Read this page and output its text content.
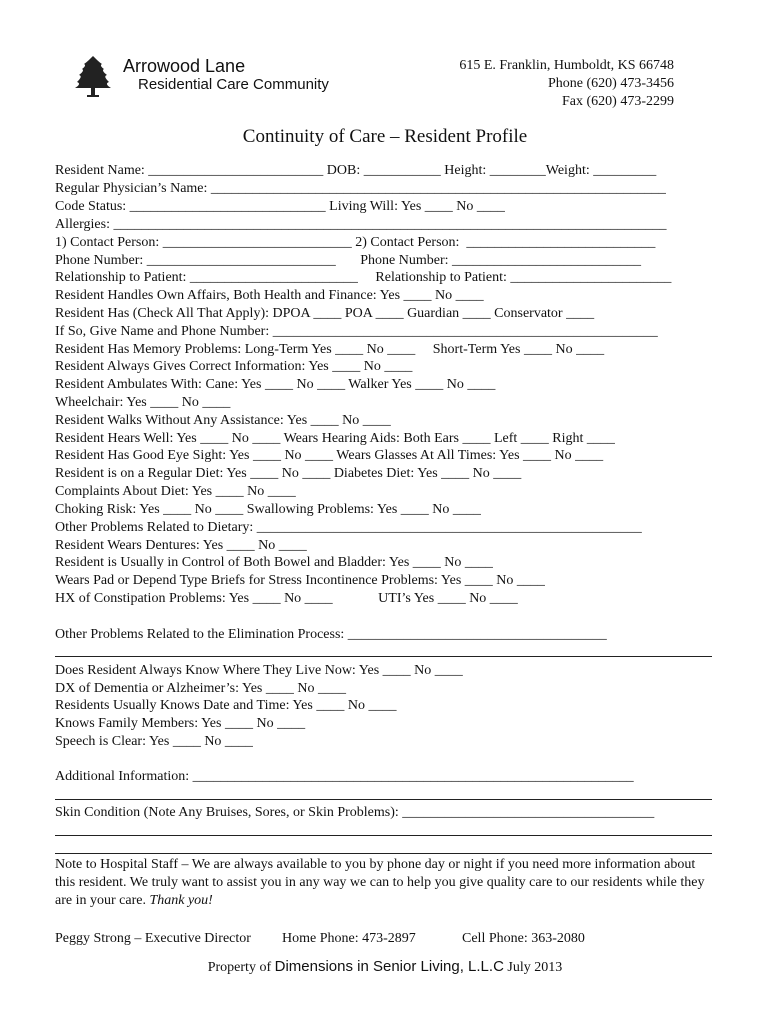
Arrowood Lane
Residential Care Community
615 E. Franklin, Humboldt, KS 66748
Phone (620) 473-3456
Fax (620) 473-2299
Continuity of Care – Resident Profile
Resident Name: _________________________ DOB: ___________ Height: ________Weight: _________
Regular Physician’s Name: _________________________________________________________________
Code Status: ____________________________ Living Will: Yes ____ No ____
Allergies: _______________________________________________________________________________
1) Contact Person: ___________________________ 2) Contact Person:  ___________________________
Phone Number: ___________________________       Phone Number: ___________________________
Relationship to Patient: ________________________     Relationship to Patient: _______________________
Resident Handles Own Affairs, Both Health and Finance: Yes ____ No ____
Resident Has (Check All That Apply): DPOA ____ POA ____ Guardian ____ Conservator ____
If So, Give Name and Phone Number: _______________________________________________________
Resident Has Memory Problems: Long-Term Yes ____ No ____     Short-Term Yes ____ No ____
Resident Always Gives Correct Information: Yes ____ No ____
Resident Ambulates With: Cane: Yes ____ No ____ Walker Yes ____ No ____
Wheelchair: Yes ____ No ____
Resident Walks Without Any Assistance: Yes ____ No ____
Resident Hears Well: Yes ____ No ____ Wears Hearing Aids: Both Ears ____ Left ____ Right ____
Resident Has Good Eye Sight: Yes ____ No ____ Wears Glasses At All Times: Yes ____ No ____
Resident is on a Regular Diet: Yes ____ No ____ Diabetes Diet: Yes ____ No ____
Complaints About Diet: Yes ____ No ____
Choking Risk: Yes ____ No ____ Swallowing Problems: Yes ____ No ____
Other Problems Related to Dietary: _______________________________________________________
Resident Wears Dentures: Yes ____ No ____
Resident is Usually in Control of Both Bowel and Bladder: Yes ____ No ____
Wears Pad or Depend Type Briefs for Stress Incontinence Problems: Yes ____ No ____
HX of Constipation Problems: Yes ____ No ____             UTI’s Yes ____ No ____
Other Problems Related to the Elimination Process: _____________________________________
Does Resident Always Know Where They Live Now: Yes ____ No ____
DX of Dementia or Alzheimer’s: Yes ____ No ____
Residents Usually Knows Date and Time: Yes ____ No ____
Knows Family Members: Yes ____ No ____
Speech is Clear: Yes ____ No ____
Additional Information: _______________________________________________________________
Skin Condition (Note Any Bruises, Sores, or Skin Problems): ____________________________________
Note to Hospital Staff – We are always available to you by phone day or night if you need more information about this resident. We truly want to assist you in any way we can to help you give quality care to our residents while they are in your care. Thank you!
Peggy Strong – Executive Director Home Phone: 473-2897	Cell Phone: 363-2080
Property of Dimensions in Senior Living, L.L.C July 2013
